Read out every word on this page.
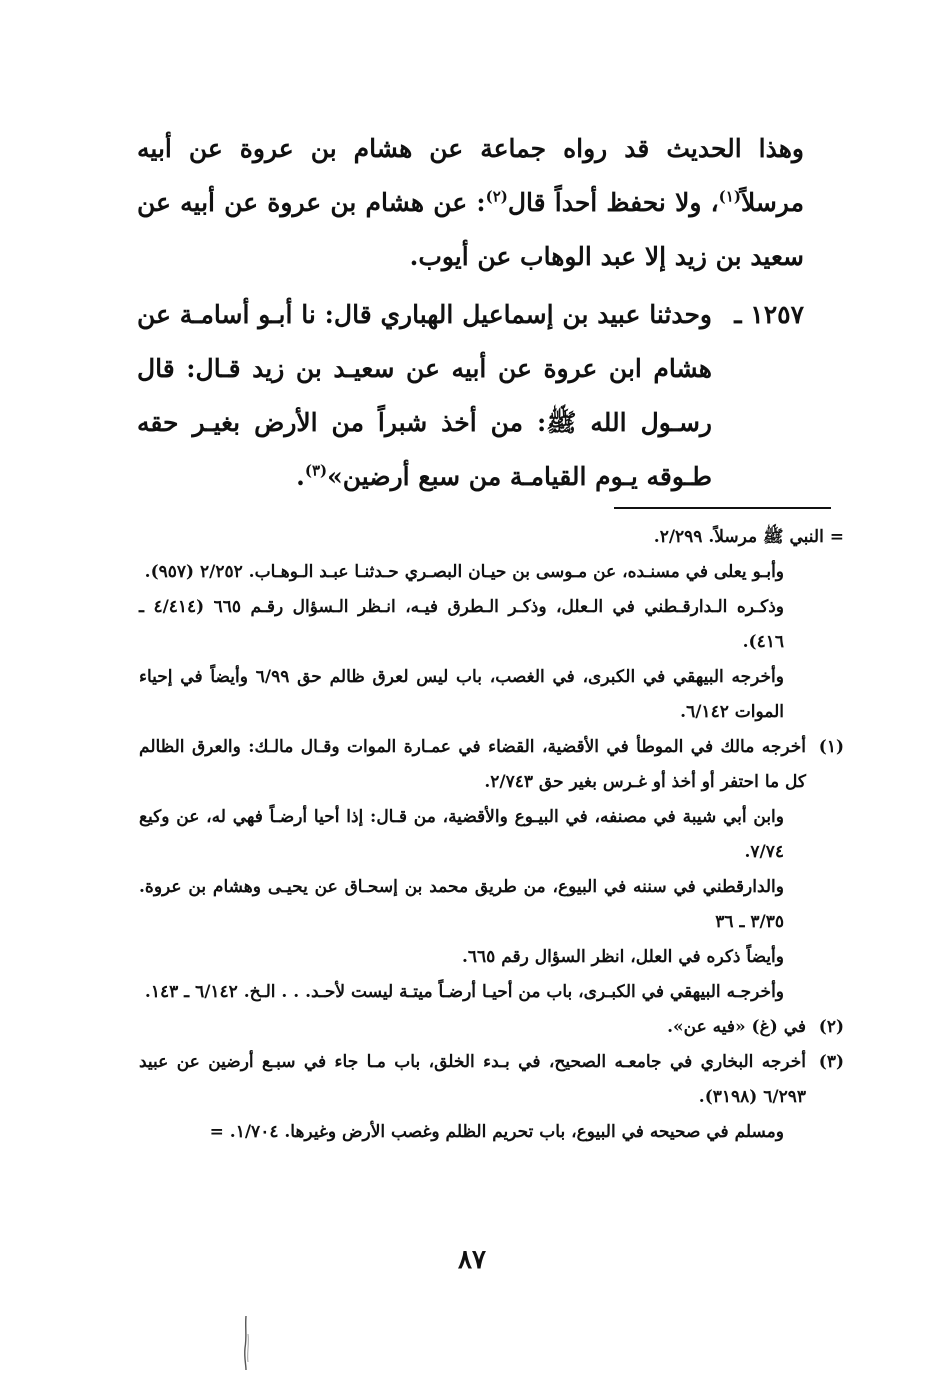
وهذا الحديث قد رواه جماعة عن هشام بن عروة عن أبيه مرسلاً$^{(١)}$، ولا نحفظ أحداً قال$^{(٢)}$: عن هشام بن عروة عن أبيه عن سعيد بن زيد إلا عبد الوهاب عن أيوب.

١٢٥٧ ـ
وحدثنا عبيد بن إسماعيل الهباري قال: نا أبـو أسامـة عن هشام ابن عروة عن أبيه عن سعيـد بن زيد قـال: قال رسـول الله ﷺ: من أخذ شبراً من الأرض بغيـر حقه طـوقه يـوم القيامـة من سبع أرضين»$^{(٣)}$.

= النبي ﷺ مرسلاً. ٢/٢٩٩.
وأبـو يعلى في مسنـده، عن مـوسى بن حيـان البصـري حـدثنـا عبـد الـوهـاب. ٢/٢٥٢ (٩٥٧).
وذكـره الـدارقـطني في الـعلل، وذكـر الـطرق فيـه، انـظر الـسؤال رقـم ٦٦٥ (٤/٤١٤ ـ ٤١٦).
وأخرجه البيهقي في الكبرى، في الغصب، باب ليس لعرق ظالم حق ٦/٩٩ وأيضاً في إحياء الموات ٦/١٤٢.
(١)
أخرجه مالك في الموطأ في الأقضية، القضاء في عمـارة الموات وقـال مالـك: والعرق الظالم كل ما احتفر أو أخذ أو غـرس بغير حق ٢/٧٤٣.
وابن أبي شيبة في مصنفه، في البيـوع والأقضية، من قـال: إذا أحيا أرضـاً فهي له، عن وكيع ٧/٧٤.
والدارقطني في سننه في البيوع، من طريق محمد بن إسحـاق عن يحيـى وهشام بن عروة. ٣/٣٥ ـ ٣٦
وأيضاً ذكره في العلل، انظر السؤال رقم ٦٦٥.
وأخرجـه البيهقي في الكبـرى، باب من أحيـا أرضـاً ميتـة ليست لأحـد. . . الـخ. ٦/١٤٢ ـ ١٤٣.
(٢)
في (غ) «فيه عن».
(٣)
أخرجه البخاري في جامعـه الصحيح، في بـدء الخلق، باب مـا جاء في سبـع أرضين عن عبيد ٦/٢٩٣ (٣١٩٨).
ومسلم في صحيحه في البيوع، باب تحريم الظلم وغصب الأرض وغيرها. ١/٧٠٤. =
٨٧
